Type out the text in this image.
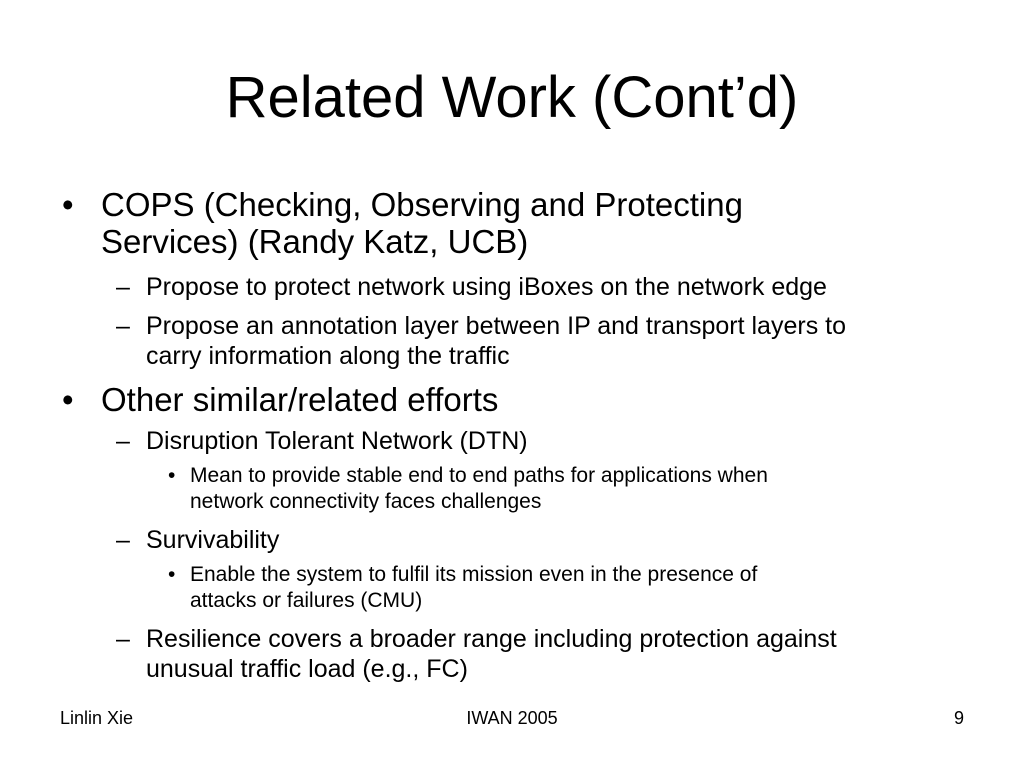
Related Work (Cont’d)
• COPS (Checking, Observing and Protecting
Services) (Randy Katz, UCB)
– Propose to protect network using iBoxes on the network edge
– Propose an annotation layer between IP and transport layers to
carry information along the traffic
• Other similar/related efforts
– Disruption Tolerant Network (DTN)
• Mean to provide stable end to end paths for applications when
network connectivity faces challenges
– Survivability
• Enable the system to fulfil its mission even in the presence of
attacks or failures (CMU)
– Resilience covers a broader range including protection against
unusual traffic load (e.g., FC)
Linlin Xie	IWAN 2005	9
